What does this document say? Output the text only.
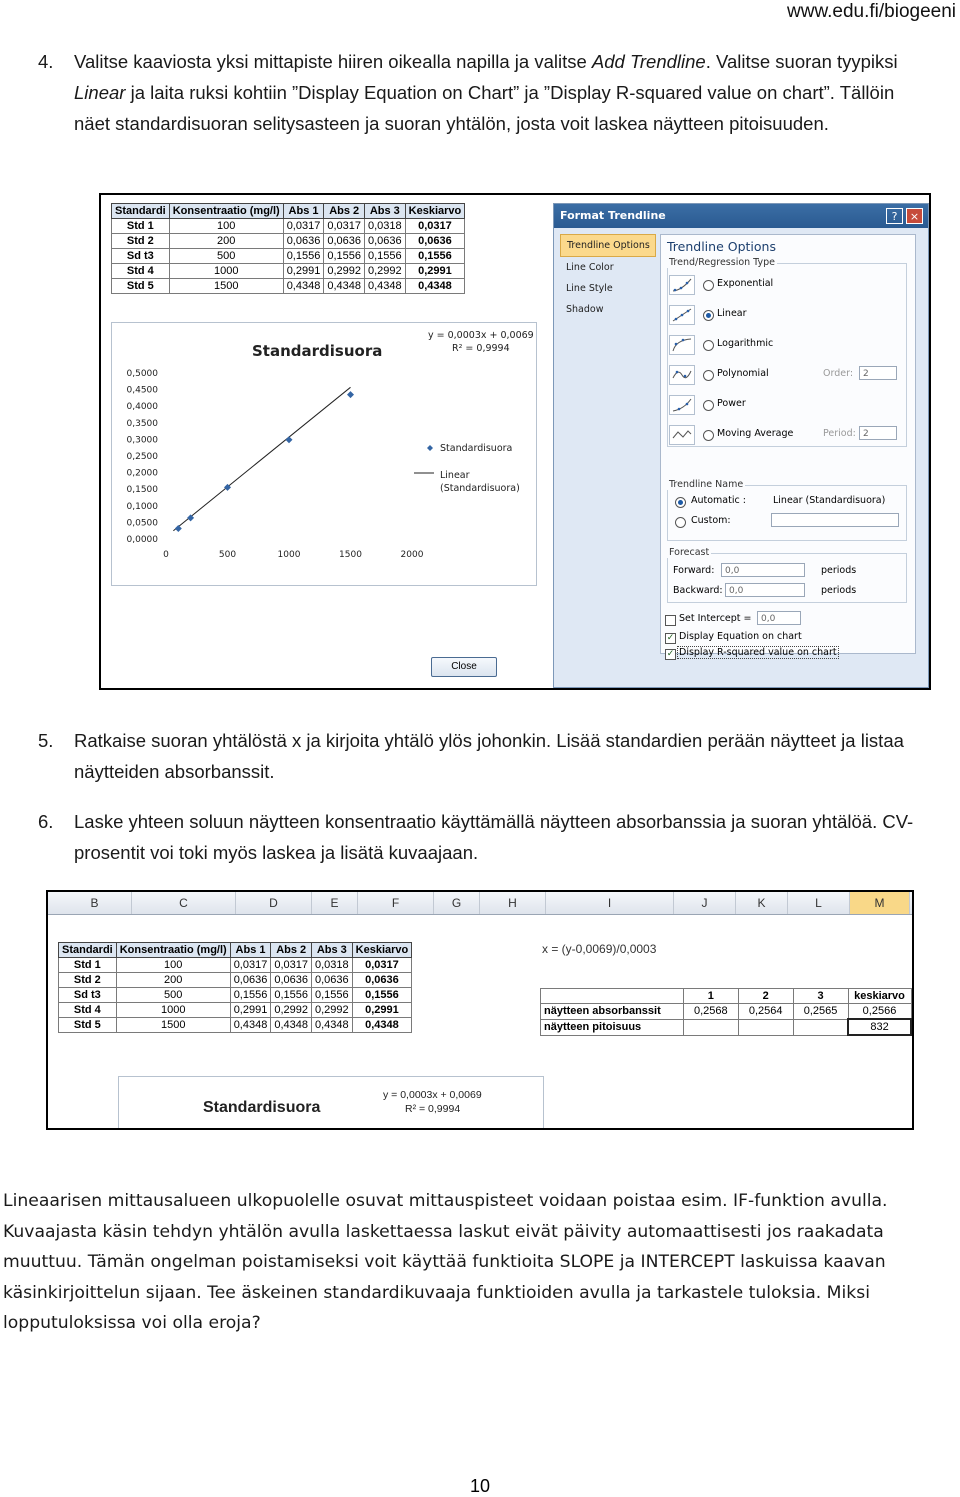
www.edu.fi/biogeeni
4.	Valitse kaaviosta yksi mittapiste hiiren oikealla napilla ja valitse Add Trendline. Valitse suoran tyypiksi Linear ja laita ruksi kohtiin ”Display Equation on Chart” ja ”Display R-squared value on chart”. Tällöin näet standardisuoran selitysasteen ja suoran yhtälön, josta voit laskea näytteen pitoisuuden.
Standardi	Konsentraatio (mg/l)	Abs 1	Abs 2	Abs 3	Keskiarvo
Std 1	100	0,0317	0,0317	0,0318	0,0317
Std 2	200	0,0636	0,0636	0,0636	0,0636
Sd t3	500	0,1556	0,1556	0,1556	0,1556
Std 4	1000	0,2991	0,2992	0,2992	0,2991
Std 5	1500	0,4348	0,4348	0,4348	0,4348
Standardisuora
y = 0,0003x + 0,0069
R² = 0,9994
0,0000
0,0500
0,1000
0,1500
0,2000
0,2500
0,3000
0,3500
0,4000
0,4500
0,5000
0	500	1000	1500	2000
Standardisuora
Linear
(Standardisuora)
Format Trendline	?	×
Trendline Options
Line Color
Line Style
Shadow
Trendline Options
Trend/Regression Type
Exponential
Linear
Logarithmic
Polynomial	Order:	2
Power
Moving Average	Period: 2
Trendline Name
Automatic :	Linear (Standardisuora)
Custom:
Forecast
Forward:	0,0	periods
Backward: 0,0	periods
Set Intercept =	0,0
✓ Display Equation on chart
✓ Display R-squared value on chart
Close
5.	Ratkaise suoran yhtälöstä x ja kirjoita yhtälö ylös johonkin. Lisää standardien perään näytteet ja listaa näytteiden absorbanssit.
6.	Laske yhteen soluun näytteen konsentraatio käyttämällä näytteen absorbanssia ja suoran yhtälöä. CV-prosentit voi toki myös laskea ja lisätä kuvaajaan.
B	C	D	E	F	G	H	I	J	K	L	M
Standardi	Konsentraatio (mg/l)	Abs 1	Abs 2	Abs 3	Keskiarvo
Std 1	100	0,0317	0,0317	0,0318	0,0317
Std 2	200	0,0636	0,0636	0,0636	0,0636
Sd t3	500	0,1556	0,1556	0,1556	0,1556
Std 4	1000	0,2991	0,2992	0,2992	0,2991
Std 5	1500	0,4348	0,4348	0,4348	0,4348
x = (y-0,0069)/0,0003
	1	2	3	keskiarvo
näytteen absorbanssit	0,2568	0,2564	0,2565	0,2566
näytteen pitoisuus				832
Standardisuora
y = 0,0003x + 0,0069
R² = 0,9994
Lineaarisen mittausalueen ulkopuolelle osuvat mittauspisteet voidaan poistaa esim. IF-funktion avulla. Kuvaajasta käsin tehdyn yhtälön avulla laskettaessa laskut eivät päivity automaattisesti jos raakadata muuttuu. Tämän ongelman poistamiseksi voit käyttää funktioita SLOPE ja INTERCEPT laskuissa kaavan käsinkirjoittelun sijaan. Tee äskeinen standardikuvaaja funktioiden avulla ja tarkastele tuloksia. Miksi lopputuloksissa voi olla eroja?
10
